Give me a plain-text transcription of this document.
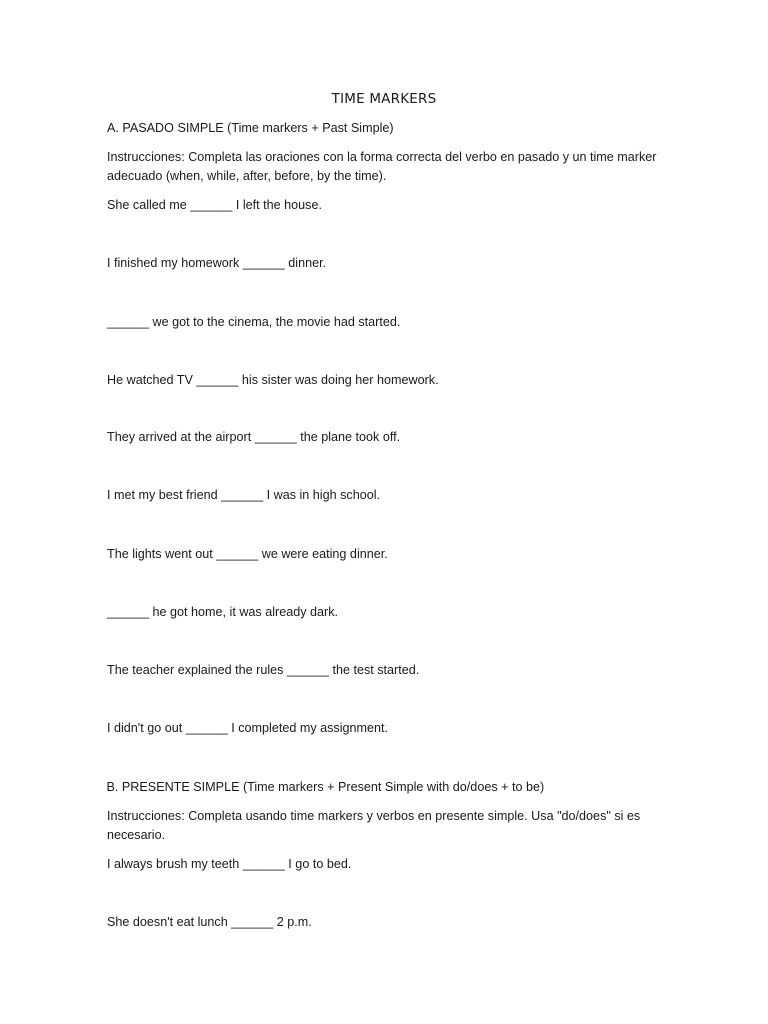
TIME MARKERS
A. PASADO SIMPLE (Time markers + Past Simple)
Instrucciones: Completa las oraciones con la forma correcta del verbo en pasado y un time marker adecuado (when, while, after, before, by the time).
She called me ______ I left the house.
I finished my homework ______ dinner.
______ we got to the cinema, the movie had started.
He watched TV ______ his sister was doing her homework.
They arrived at the airport ______ the plane took off.
I met my best friend ______ I was in high school.
The lights went out ______ we were eating dinner.
______ he got home, it was already dark.
The teacher explained the rules ______ the test started.
I didn't go out ______ I completed my assignment.
B. PRESENTE SIMPLE (Time markers + Present Simple with do/does + to be)
Instrucciones: Completa usando time markers y verbos en presente simple. Usa "do/does" si es necesario.
I always brush my teeth ______ I go to bed.
She doesn't eat lunch ______ 2 p.m.
